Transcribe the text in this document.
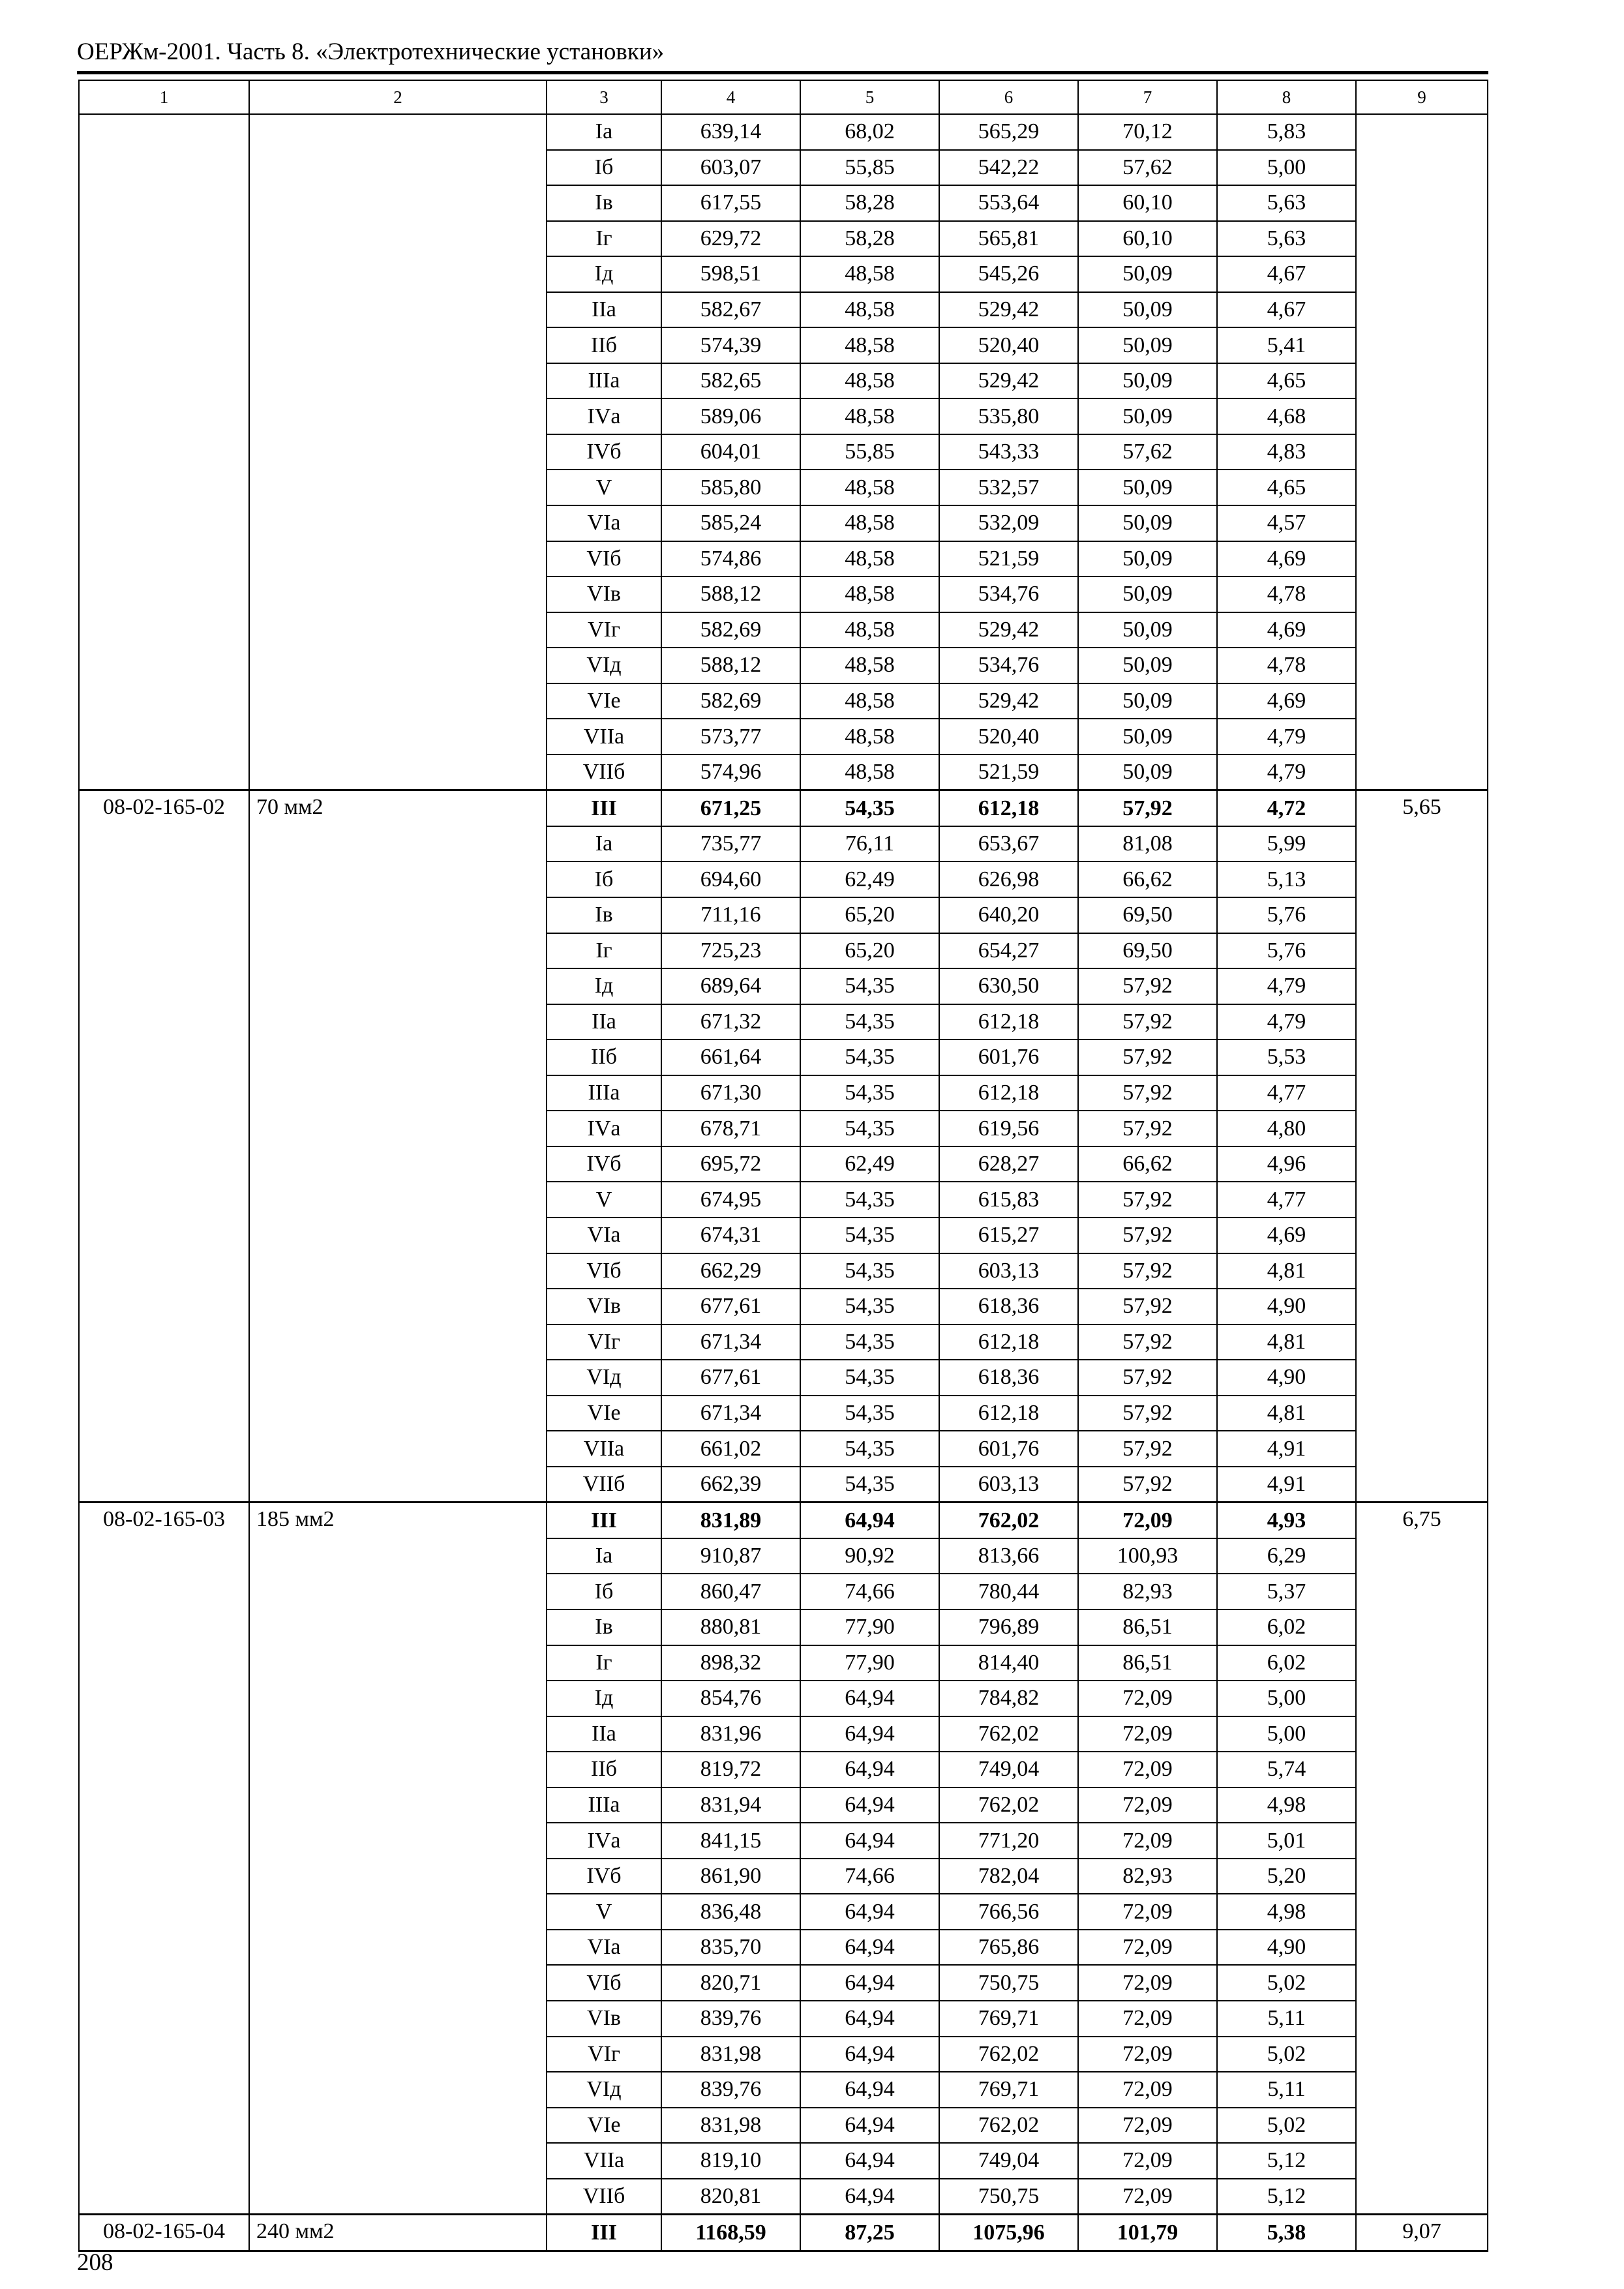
ОЕРЖм-2001. Часть 8. «Электротехнические установки»
1	2	3	4	5	6	7	8	9
		Iа	639,14	68,02	565,29	70,12	5,83	
		Iб	603,07	55,85	542,22	57,62	5,00	
		Iв	617,55	58,28	553,64	60,10	5,63	
		Iг	629,72	58,28	565,81	60,10	5,63	
		Iд	598,51	48,58	545,26	50,09	4,67	
		IIа	582,67	48,58	529,42	50,09	4,67	
		IIб	574,39	48,58	520,40	50,09	5,41	
		IIIа	582,65	48,58	529,42	50,09	4,65	
		IVа	589,06	48,58	535,80	50,09	4,68	
		IVб	604,01	55,85	543,33	57,62	4,83	
		V	585,80	48,58	532,57	50,09	4,65	
		VIа	585,24	48,58	532,09	50,09	4,57	
		VIб	574,86	48,58	521,59	50,09	4,69	
		VIв	588,12	48,58	534,76	50,09	4,78	
		VIг	582,69	48,58	529,42	50,09	4,69	
		VIд	588,12	48,58	534,76	50,09	4,78	
		VIе	582,69	48,58	529,42	50,09	4,69	
		VIIа	573,77	48,58	520,40	50,09	4,79	
		VIIб	574,96	48,58	521,59	50,09	4,79	
08-02-165-02	70 мм2	III	671,25	54,35	612,18	57,92	4,72	5,65
		Iа	735,77	76,11	653,67	81,08	5,99	
		Iб	694,60	62,49	626,98	66,62	5,13	
		Iв	711,16	65,20	640,20	69,50	5,76	
		Iг	725,23	65,20	654,27	69,50	5,76	
		Iд	689,64	54,35	630,50	57,92	4,79	
		IIа	671,32	54,35	612,18	57,92	4,79	
		IIб	661,64	54,35	601,76	57,92	5,53	
		IIIа	671,30	54,35	612,18	57,92	4,77	
		IVа	678,71	54,35	619,56	57,92	4,80	
		IVб	695,72	62,49	628,27	66,62	4,96	
		V	674,95	54,35	615,83	57,92	4,77	
		VIа	674,31	54,35	615,27	57,92	4,69	
		VIб	662,29	54,35	603,13	57,92	4,81	
		VIв	677,61	54,35	618,36	57,92	4,90	
		VIг	671,34	54,35	612,18	57,92	4,81	
		VIд	677,61	54,35	618,36	57,92	4,90	
		VIе	671,34	54,35	612,18	57,92	4,81	
		VIIа	661,02	54,35	601,76	57,92	4,91	
		VIIб	662,39	54,35	603,13	57,92	4,91	
08-02-165-03	185 мм2	III	831,89	64,94	762,02	72,09	4,93	6,75
		Iа	910,87	90,92	813,66	100,93	6,29	
		Iб	860,47	74,66	780,44	82,93	5,37	
		Iв	880,81	77,90	796,89	86,51	6,02	
		Iг	898,32	77,90	814,40	86,51	6,02	
		Iд	854,76	64,94	784,82	72,09	5,00	
		IIа	831,96	64,94	762,02	72,09	5,00	
		IIб	819,72	64,94	749,04	72,09	5,74	
		IIIа	831,94	64,94	762,02	72,09	4,98	
		IVа	841,15	64,94	771,20	72,09	5,01	
		IVб	861,90	74,66	782,04	82,93	5,20	
		V	836,48	64,94	766,56	72,09	4,98	
		VIа	835,70	64,94	765,86	72,09	4,90	
		VIб	820,71	64,94	750,75	72,09	5,02	
		VIв	839,76	64,94	769,71	72,09	5,11	
		VIг	831,98	64,94	762,02	72,09	5,02	
		VIд	839,76	64,94	769,71	72,09	5,11	
		VIе	831,98	64,94	762,02	72,09	5,02	
		VIIа	819,10	64,94	749,04	72,09	5,12	
		VIIб	820,81	64,94	750,75	72,09	5,12	
08-02-165-04	240 мм2	III	1168,59	87,25	1075,96	101,79	5,38	9,07
208
